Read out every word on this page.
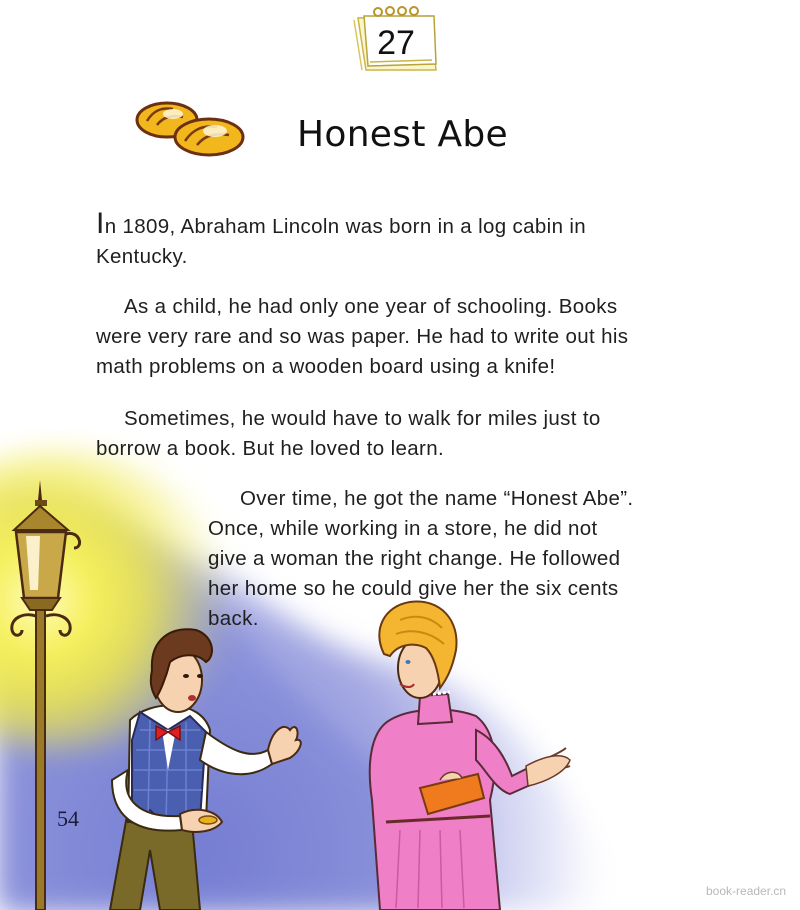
27
Honest Abe
In 1809, Abraham Lincoln was born in a log cabin in
Kentucky.
As a child, he had only one year of schooling. Books
were very rare and so was paper. He had to write out his
math problems on a wooden board using a knife!
Sometimes, he would have to walk for miles just to
borrow a book. But he loved to learn.
Over time, he got the name “Honest Abe”.
Once, while working in a store, he did not
give a woman the right change. He followed
her home so he could give her the six cents
back.
54
book-reader.cn
